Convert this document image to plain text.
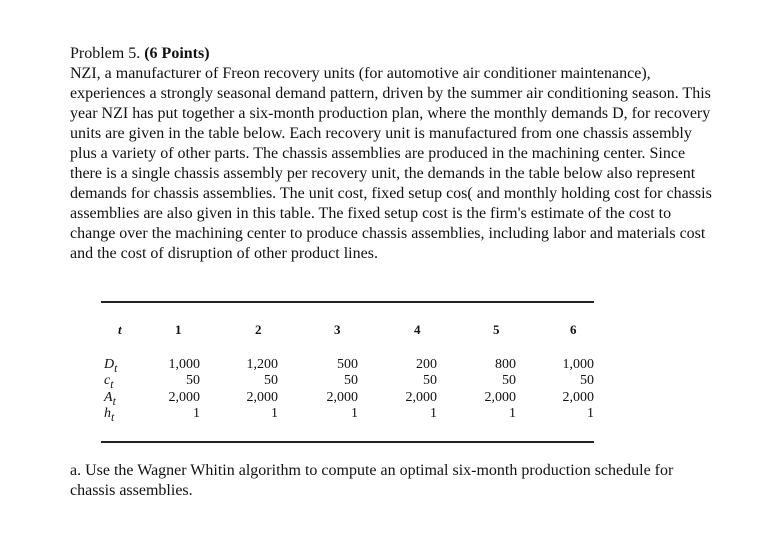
Problem 5. (6 Points)

NZI, a manufacturer of Freon recovery units (for automotive air conditioner maintenance), experiences a strongly seasonal demand pattern, driven by the summer air conditioning season. This year NZI has put together a six-month production plan, where the monthly demands D, for recovery units are given in the table below. Each recovery unit is manufactured from one chassis assembly plus a variety of other parts. The chassis assemblies are produced in the machining center. Since there is a single chassis assembly per recovery unit, the demands in the table below also represent demands for chassis assemblies. The unit cost, fixed setup cos( and monthly holding cost for chassis assemblies are also given in this table. The fixed setup cost is the firm's estimate of the cost to change over the machining center to produce chassis assemblies, including labor and materials cost and the cost of disruption of other product lines.

t	1	2	3	4	5	6
$D_t$	1,000	1,200	500	200	800	1,000
$c_t$	50	50	50	50	50	50
$A_t$	2,000	2,000	2,000	2,000	2,000	2,000
$h_t$	1	1	1	1	1	1
a. Use the Wagner Whitin algorithm to compute an optimal six-month production schedule for chassis assemblies.
